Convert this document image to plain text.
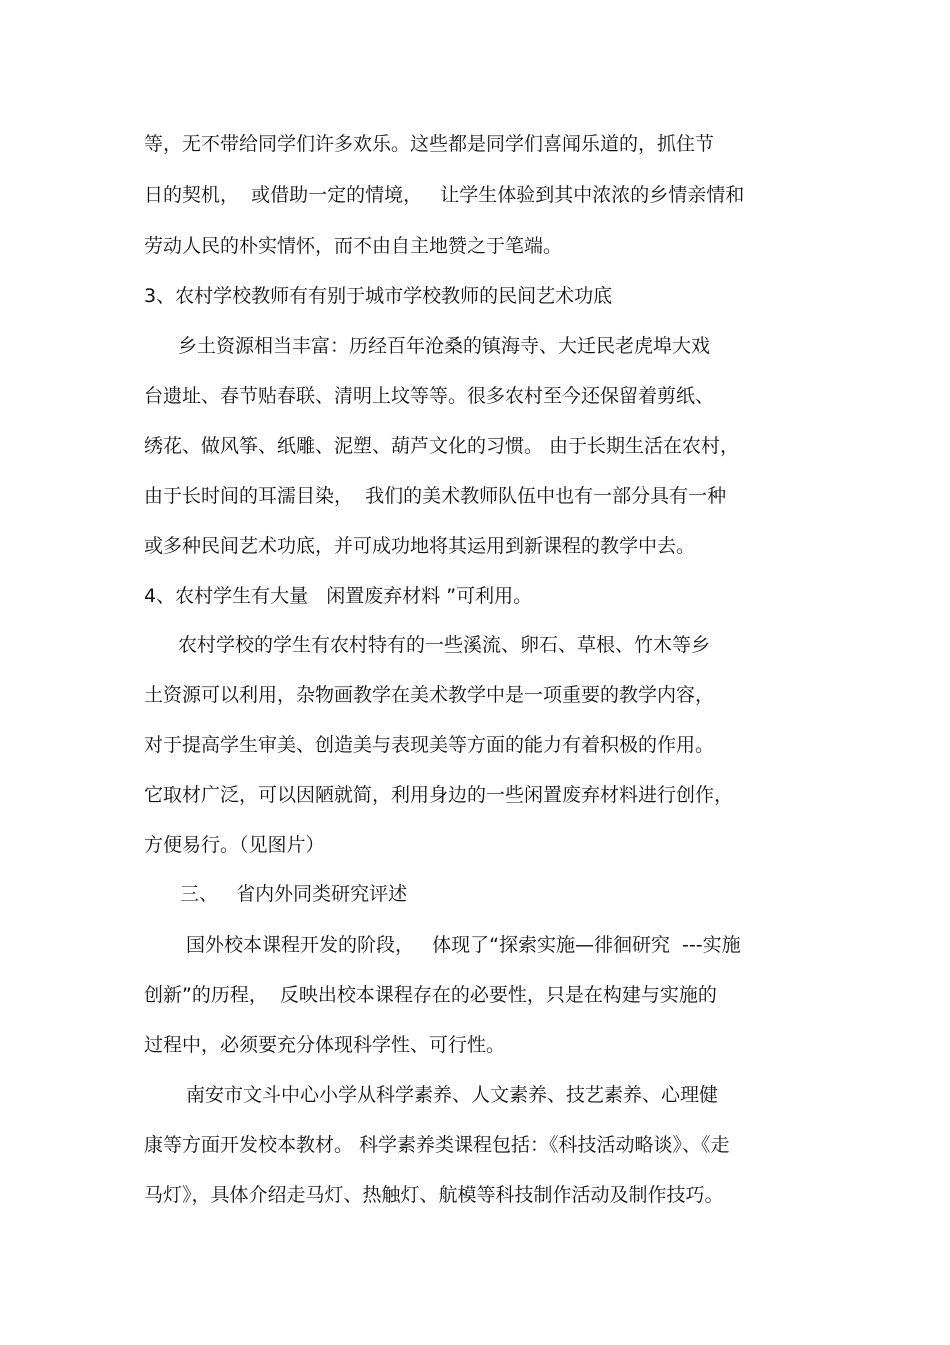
等，无不带给同学们许多欢乐。这些都是同学们喜闻乐道的，抓住节
日的契机，  或借助一定的情境，   让学生体验到其中浓浓的乡情亲情和
劳动人民的朴实情怀，而不由自主地赞之于笔端。
3、农村学校教师有有别于城市学校教师的民间艺术功底
乡土资源相当丰富：历经百年沧桑的镇海寺、大迁民老虎埠大戏
台遗址、春节贴春联、清明上坟等等。很多农村至今还保留着剪纸、
绣花、做风筝、纸雕、泥塑、葫芦文化的习惯。 由于长期生活在农村，
由于长时间的耳濡目染，  我们的美术教师队伍中也有一部分具有一种
或多种民间艺术功底，并可成功地将其运用到新课程的教学中去。
4、农村学生有大量   闲置废弃材料 ”可利用。
农村学校的学生有农村特有的一些溪流、卵石、草根、竹木等乡
土资源可以利用，杂物画教学在美术教学中是一项重要的教学内容，
对于提高学生审美、创造美与表现美等方面的能力有着积极的作用。
它取材广泛，可以因陋就简，利用身边的一些闲置废弃材料进行创作，
方便易行。（见图片）
三、   省内外同类研究评述
国外校本课程开发的阶段，   体现了“探索实施—徘徊研究  ---实施
创新”的历程，  反映出校本课程存在的必要性，只是在构建与实施的
过程中，必须要充分体现科学性、可行性。
南安市文斗中心小学从科学素养、人文素养、技艺素养、心理健
康等方面开发校本教材。 科学素养类课程包括：《科技活动略谈》、《走
马灯》，具体介绍走马灯、热触灯、航模等科技制作活动及制作技巧。
